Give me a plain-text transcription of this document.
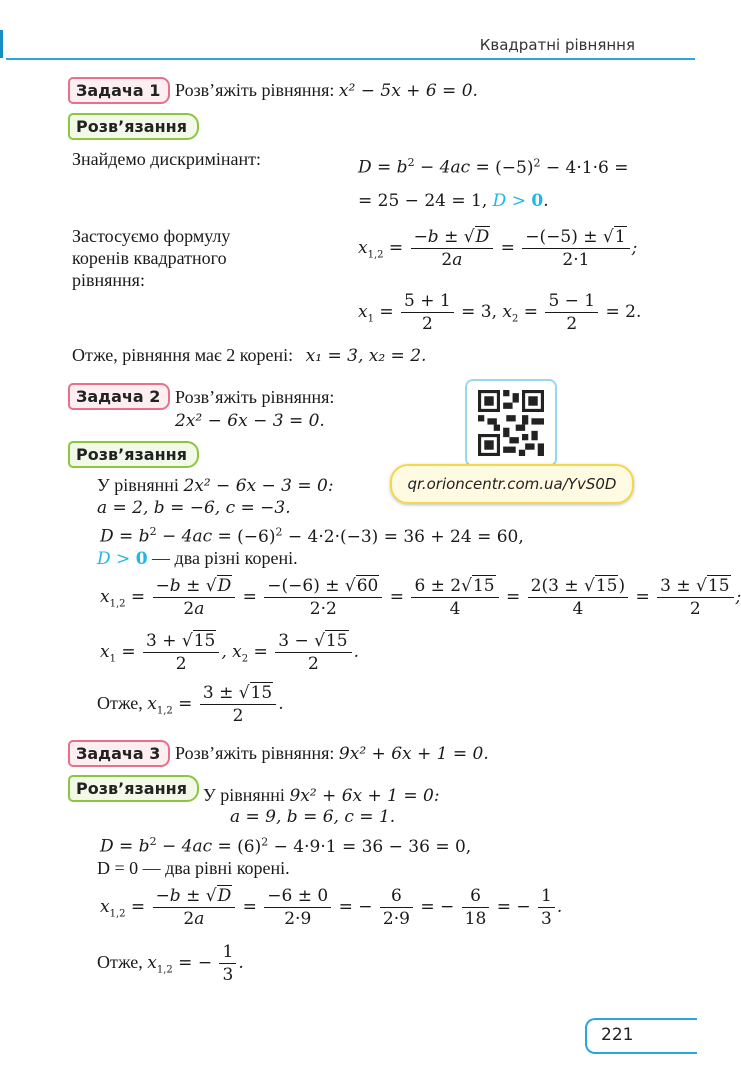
Квадратні рівняння
Задача 1 Розв’яжіть рівняння: x² − 5x + 6 = 0.
Розв’язання
Знайдемо дискримінант:	$D = b^2 - 4ac = (-5)^2 - 4\cdot 1\cdot 6$ =
= 25 − 24 = 1, D > 0.
Застосуємо формулу коренів квадратного рівняння:
$x_{1,2} = \frac{-b \pm √D}{2a} = \frac{-(-5) \pm √1}{2\cdot 1}$ ;
$x_1 = \frac{5 + 1}{2} = 3$, $x_2 = \frac{5 - 1}{2} = 2$.
Отже, рівняння має 2 корені: x₁ = 3, x₂ = 2.
Задача 2 Розв’яжіть рівняння:
2x² − 6x − 3 = 0.
qr.orioncentr.com.ua/YvS0D
Розв’язання
У рівнянні 2x² − 6x − 3 = 0:
a = 2, b = −6, c = −3.
$D = b^2 - 4ac = (-6)^2 - 4\cdot 2\cdot(-3) = 36 + 24 = 60$,
D > 0 — два різні корені.
$x_{1,2} = \frac{-b \pm √D}{2a} = \frac{-(-6) \pm √60}{2\cdot 2} = \frac{6 \pm 2√15}{4} = \frac{2(3 \pm √15)}{4} = \frac{3 \pm √15}{2}$ ;
$x_1 = \frac{3 + √15}{2}$ , $x_2 = \frac{3 - √15}{2}$ .
Отже, $x_{1,2} = \frac{3 \pm √15}{2}$ .
Задача 3 Розв’яжіть рівняння: 9x² + 6x + 1 = 0.
Розв’язання У рівнянні 9x² + 6x + 1 = 0:
a = 9, b = 6, c = 1.
$D = b^2 - 4ac = (6)^2 - 4\cdot 9\cdot 1 = 36 - 36 = 0$,
D = 0 — два рівні корені.
$x_{1,2} = \frac{-b \pm √D}{2a} = \frac{-6 \pm 0}{2\cdot 9}$ = − $\frac{6}{2\cdot 9}$ = − $\frac{6}{18}$ = − $\frac{1}{3}$ .
Отже, $x_{1,2}$ = − $\frac{1}{3}$ .
221
